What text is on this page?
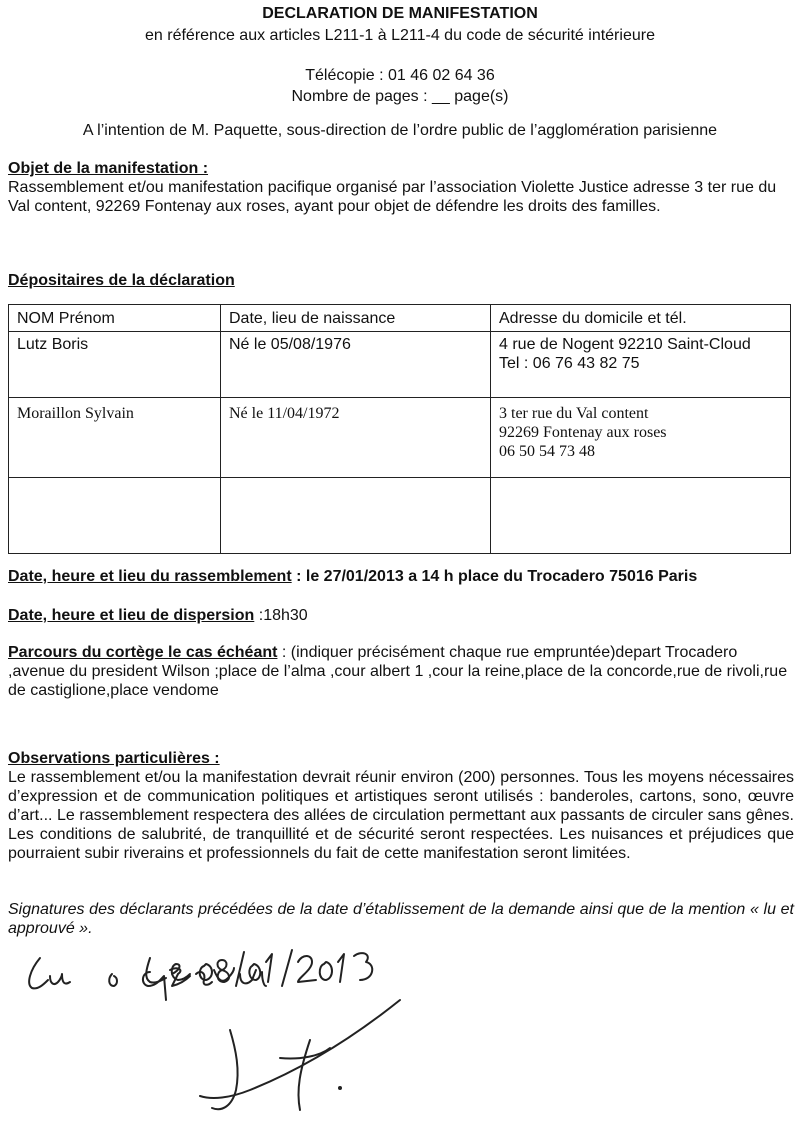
DECLARATION DE MANIFESTATION
en référence aux articles L211-1 à L211-4 du code de sécurité intérieure
Télécopie : 01 46 02 64 36
Nombre de pages : __ page(s)
A l’intention de M. Paquette, sous-direction de l’ordre public de l’agglomération parisienne
Objet de la manifestation :
Rassemblement et/ou manifestation pacifique organisé par l’association Violette Justice adresse 3 ter rue du Val content, 92269 Fontenay aux roses, ayant pour objet de défendre les droits des familles.
Dépositaires de la déclaration
NOM Prénom	Date, lieu de naissance	Adresse du domicile et tél.
Lutz Boris	Né le 05/08/1976	4 rue de Nogent 92210 Saint-Cloud
Tel : 06 76 43 82 75

Moraillon Sylvain	Né le 11/04/1972	3 ter rue du Val content
92269 Fontenay aux roses
06 50 54 73 48

Date, heure et lieu du rassemblement : le 27/01/2013 a 14 h place du Trocadero 75016 Paris
Date, heure et lieu de dispersion :18h30
Parcours du cortège le cas échéant : (indiquer précisément chaque rue empruntée)depart Trocadero ,avenue du president Wilson ;place de l’alma ,cour albert 1 ,cour la reine,place de la concorde,rue de rivoli,rue de castiglione,place vendome
Observations particulières :
Le rassemblement et/ou la manifestation devrait réunir environ (200) personnes. Tous les moyens nécessaires d’expression et de communication politiques et artistiques seront utilisés : banderoles, cartons, sono, œuvre d’art... Le rassemblement respectera des allées de circulation permettant aux passants de circuler sans gênes. Les conditions de salubrité, de tranquillité et de sécurité seront respectées. Les nuisances et préjudices que pourraient subir riverains et professionnels du fait de cette manifestation seront limitées.
Signatures des déclarants précédées de la date d’établissement de la demande ainsi que de la mention « lu et approuvé ».
